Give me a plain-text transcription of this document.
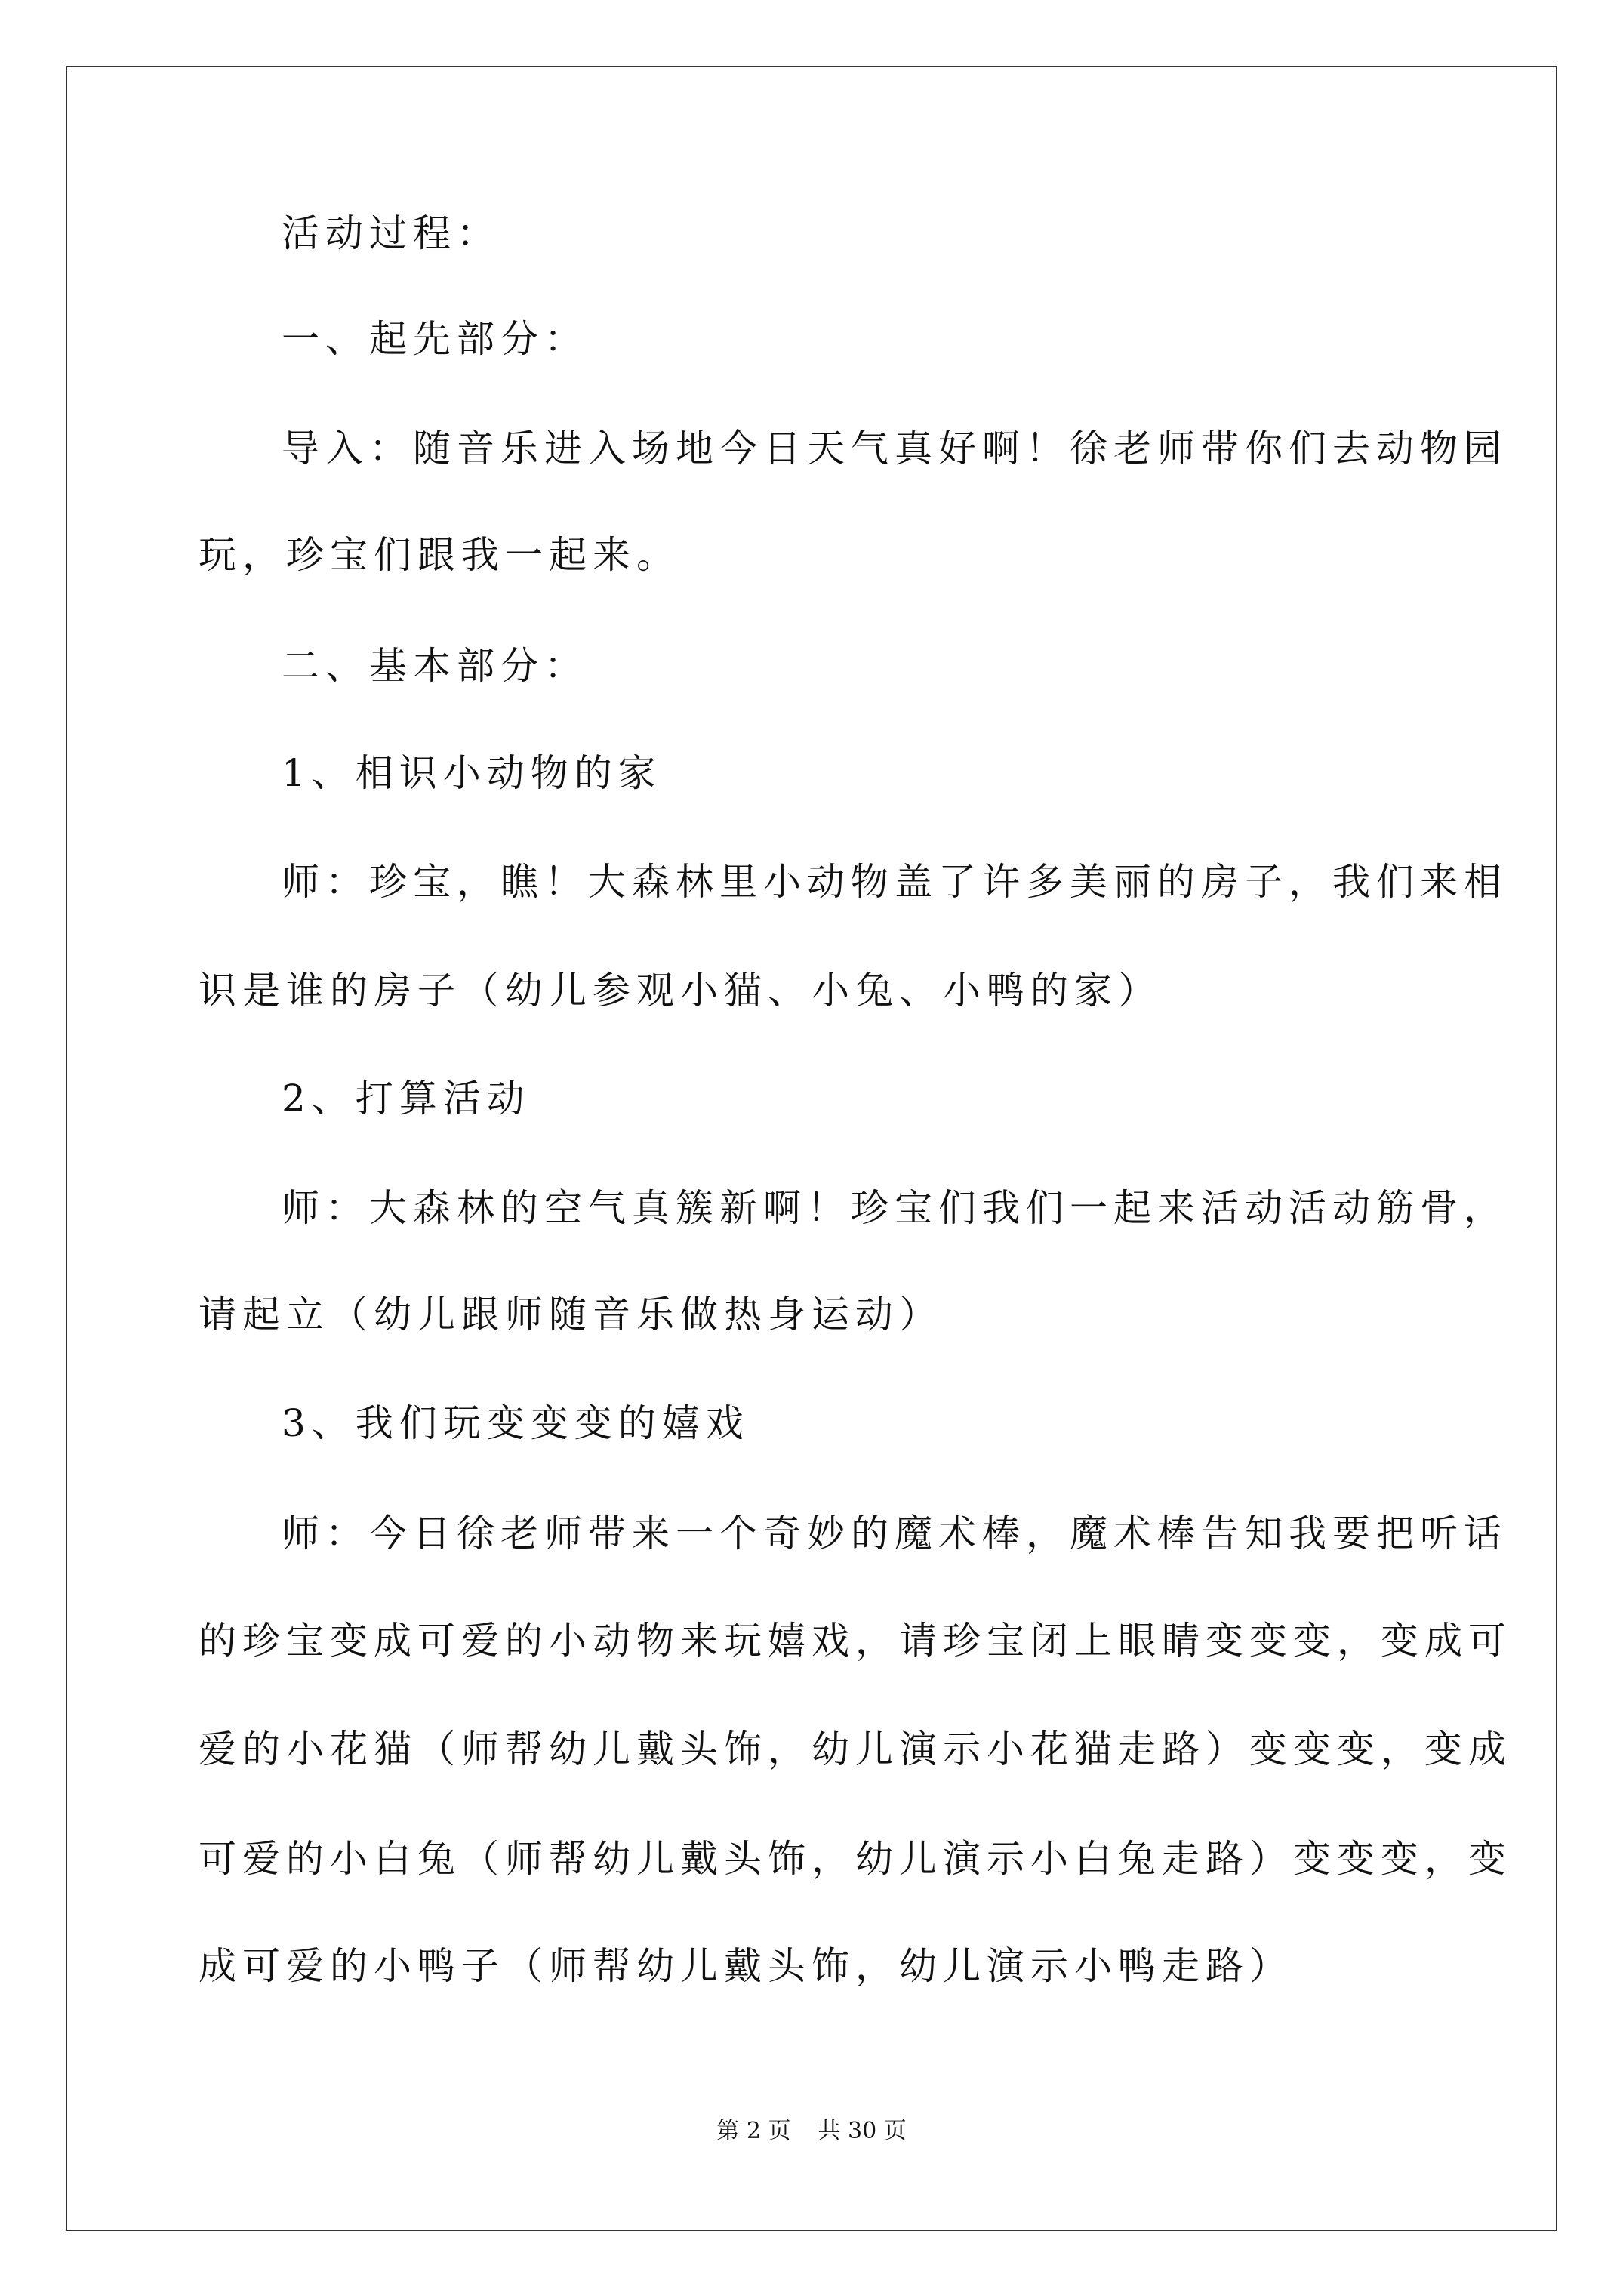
活动过程：
一、起先部分：
导入：随音乐进入场地今日天气真好啊！徐老师带你们去动物园
玩，珍宝们跟我一起来。
二、基本部分：
1、相识小动物的家
师：珍宝，瞧！大森林里小动物盖了许多美丽的房子，我们来相
识是谁的房子（幼儿参观小猫、小兔、小鸭的家）
2、打算活动
师：大森林的空气真簇新啊！珍宝们我们一起来活动活动筋骨，
请起立（幼儿跟师随音乐做热身运动）
3、我们玩变变变的嬉戏
师：今日徐老师带来一个奇妙的魔术棒，魔术棒告知我要把听话
的珍宝变成可爱的小动物来玩嬉戏，请珍宝闭上眼睛变变变，变成可
爱的小花猫（师帮幼儿戴头饰，幼儿演示小花猫走路）变变变，变成
可爱的小白兔（师帮幼儿戴头饰，幼儿演示小白兔走路）变变变，变
成可爱的小鸭子（师帮幼儿戴头饰，幼儿演示小鸭走路）
第 2 页 共 30 页
